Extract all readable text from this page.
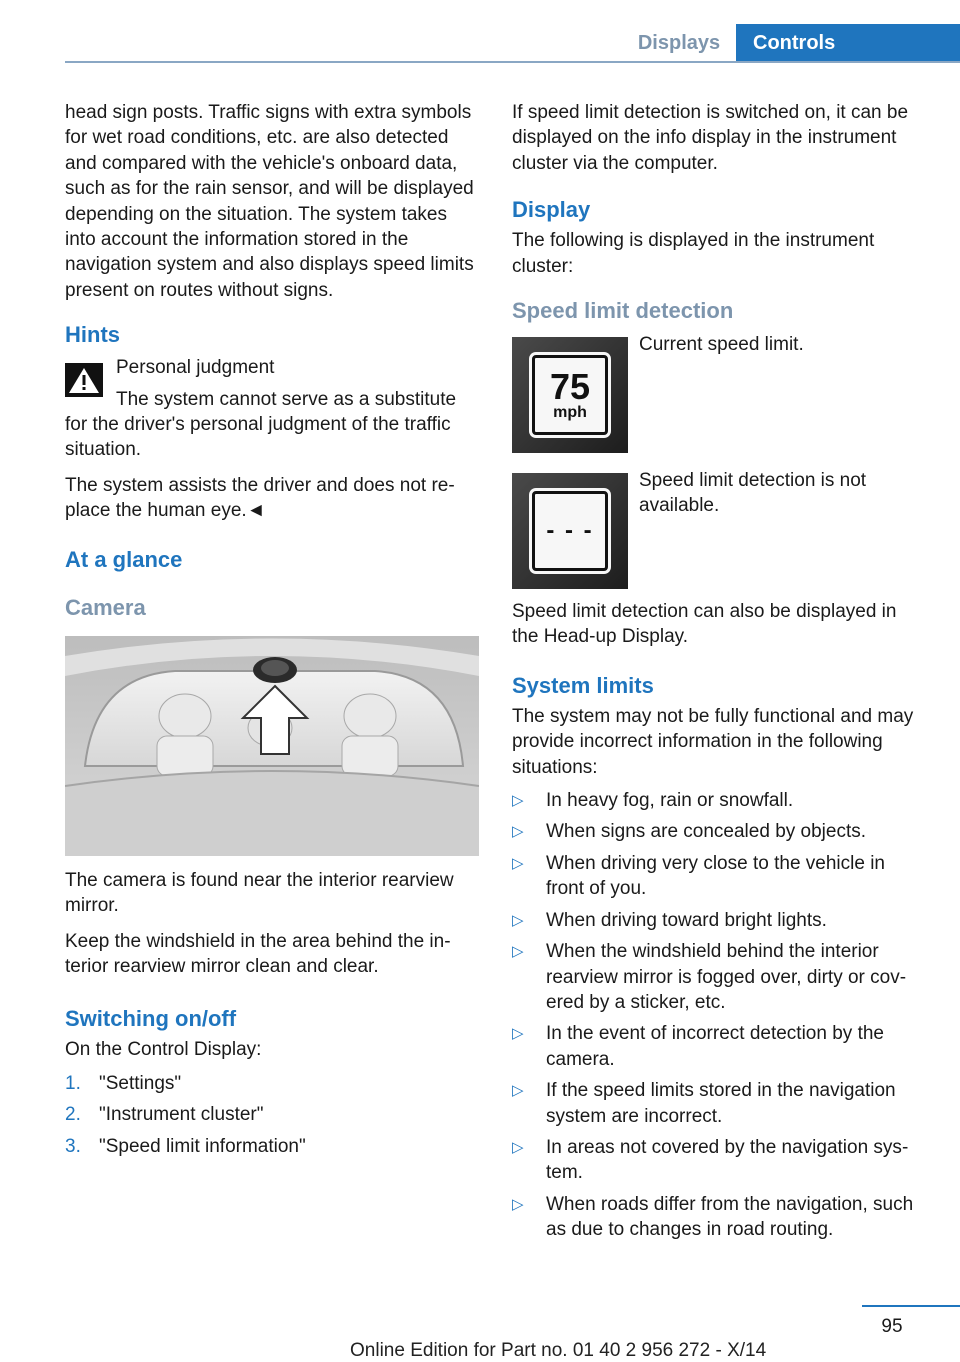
Displays	Controls

head sign posts. Traffic signs with extra symbols for wet road conditions, etc. are also detected and compared with the vehicle's onboard data, such as for the rain sensor, and will be displayed depending on the situation. The system takes into account the information stored in the navigation system and also displays speed limits present on routes without signs.

Hints

Personal judgment

The system cannot serve as a substitute

for the driver's personal judgment of the traffic situation.

The system assists the driver and does not replace the human eye.◄

At a glance
Camera

The camera is found near the interior rearview mirror.

Keep the windshield in the area behind the interior rearview mirror clean and clear.

Switching on/off

On the Control Display:

1. "Settings"
2. "Instrument cluster"
3. "Speed limit information"

If speed limit detection is switched on, it can be displayed on the info display in the instrument cluster via the computer.

Display

The following is displayed in the instrument cluster:

Speed limit detection
75
mph

Current speed limit.

- - -

Speed limit detection is not available.

Speed limit detection can also be displayed in the Head-up Display.

System limits

The system may not be fully functional and may provide incorrect information in the following situations:

▷ In heavy fog, rain or snowfall.
▷ When signs are concealed by objects.
▷ When driving very close to the vehicle in front of you.
▷ When driving toward bright lights.
▷ When the windshield behind the interior rearview mirror is fogged over, dirty or covered by a sticker, etc.
▷ In the event of incorrect detection by the camera.
▷ If the speed limits stored in the navigation system are incorrect.
▷ In areas not covered by the navigation system.
▷ When roads differ from the navigation, such as due to changes in road routing.
95
Online Edition for Part no. 01 40 2 956 272 - X/14
